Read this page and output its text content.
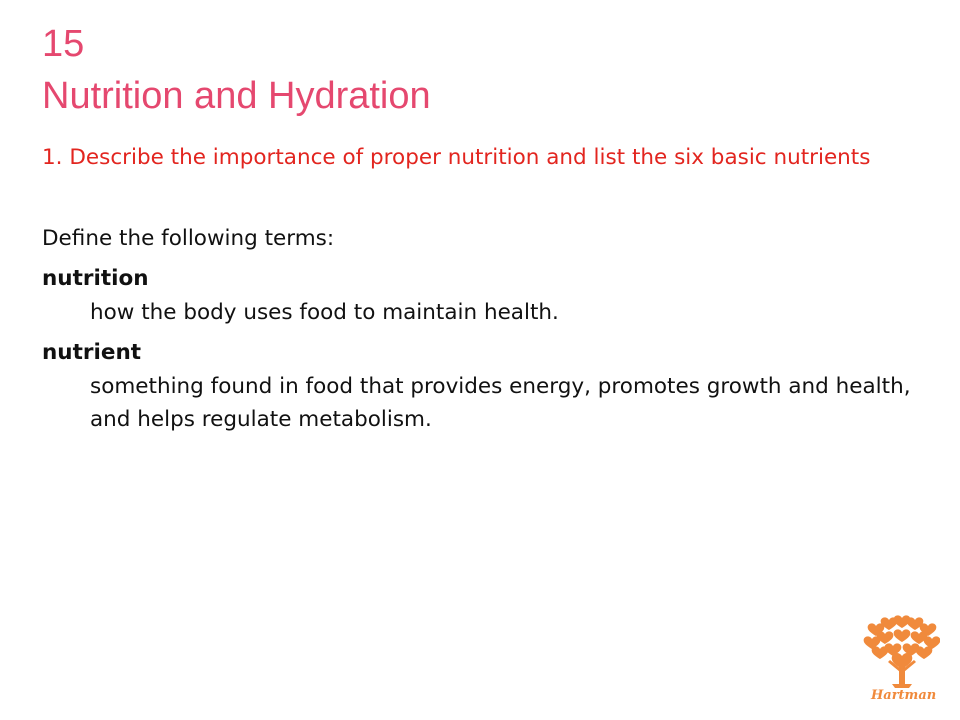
15
Nutrition and Hydration
1. Describe the importance of proper nutrition and list the six basic nutrients

Define the following terms:

nutrition

how the body uses food to maintain health.

nutrient

something found in food that provides energy, promotes growth and health, and helps regulate metabolism.

Hartman
